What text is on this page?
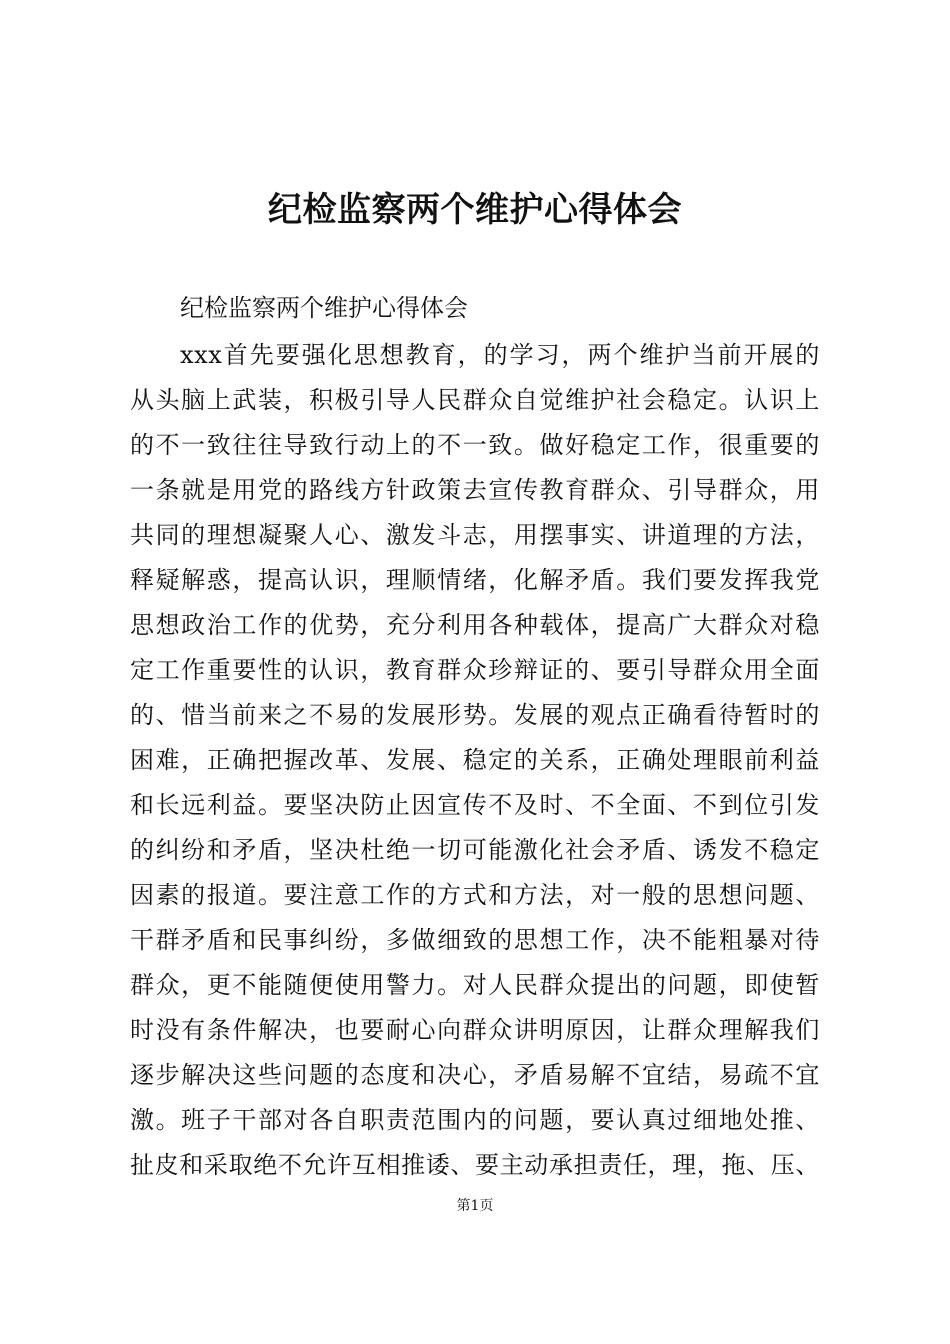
纪检监察两个维护心得体会

纪检监察两个维护心得体会

xxx首先要强化思想教育，的学习，两个维护当前开展的
从头脑上武装，积极引导人民群众自觉维护社会稳定。认识上
的不一致往往导致行动上的不一致。做好稳定工作，很重要的
一条就是用党的路线方针政策去宣传教育群众、引导群众，用
共同的理想凝聚人心、激发斗志，用摆事实、讲道理的方法，
释疑解惑，提高认识，理顺情绪，化解矛盾。我们要发挥我党
思想政治工作的优势，充分利用各种载体，提高广大群众对稳
定工作重要性的认识，教育群众珍辩证的、要引导群众用全面
的、惜当前来之不易的发展形势。发展的观点正确看待暂时的
困难，正确把握改革、发展、稳定的关系，正确处理眼前利益
和长远利益。要坚决防止因宣传不及时、不全面、不到位引发
的纠纷和矛盾，坚决杜绝一切可能激化社会矛盾、诱发不稳定
因素的报道。要注意工作的方式和方法，对一般的思想问题、
干群矛盾和民事纠纷，多做细致的思想工作，决不能粗暴对待
群众，更不能随便使用警力。对人民群众提出的问题，即使暂
时没有条件解决，也要耐心向群众讲明原因，让群众理解我们
逐步解决这些问题的态度和决心，矛盾易解不宜结，易疏不宜
激。班子干部对各自职责范围内的问题，要认真过细地处推、
扯皮和采取绝不允许互相推诿、要主动承担责任，理，拖、压、
第1页
